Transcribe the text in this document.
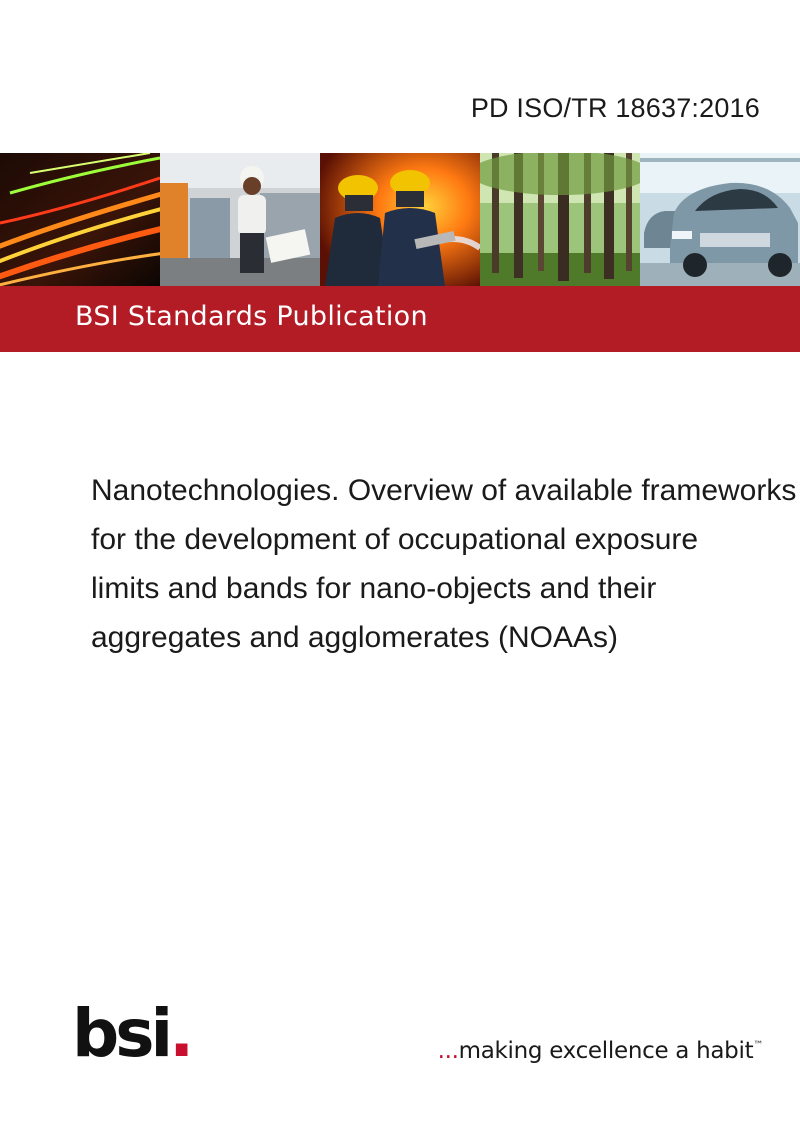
PD ISO/TR 18637:2016
BSI Standards Publication
Nanotechnologies. Overview of available frameworks
for the development of occupational exposure
limits and bands for nano-objects and their
aggregates and agglomerates (NOAAs)
bsi.	...making excellence a habit™
